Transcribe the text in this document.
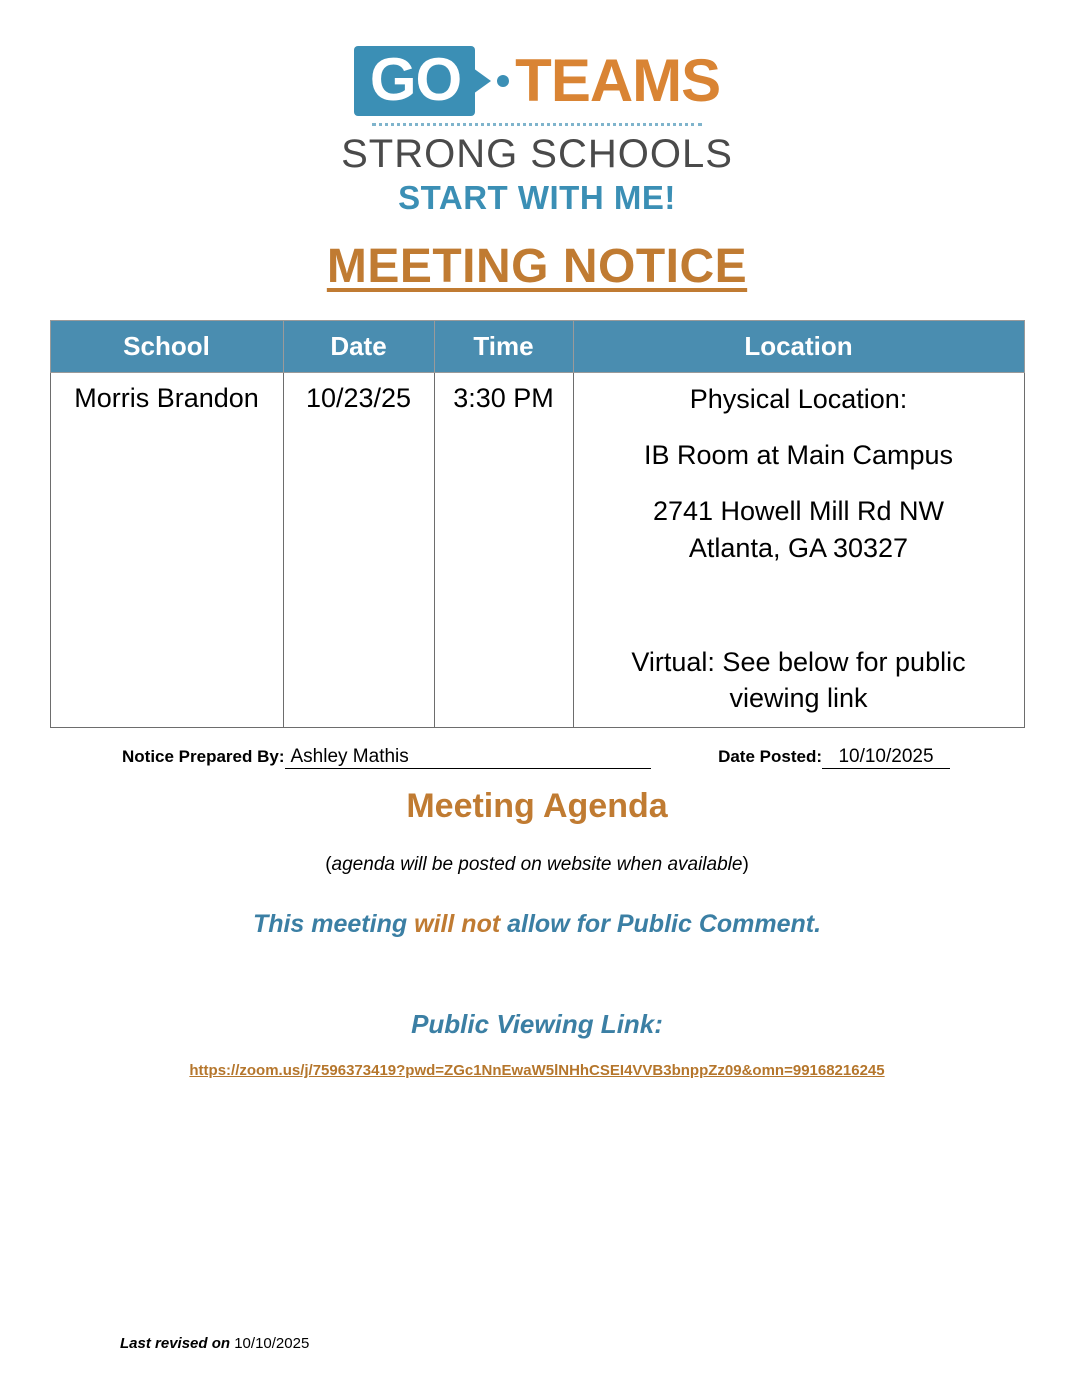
GO TEAMS
STRONG SCHOOLS
START WITH ME!
MEETING NOTICE
School	Date	Time	Location
Morris Brandon	10/23/25	3:30 PM	Physical Location:

IB Room at Main Campus

2741 Howell Mill Rd NW

Atlanta, GA 30327

Virtual: See below for public viewing link

Notice Prepared By: Ashley Mathis	Date Posted: 10/10/2025
Meeting Agenda
(agenda will be posted on website when available)
This meeting will not allow for Public Comment.
Public Viewing Link:
https://zoom.us/j/7596373419?pwd=ZGc1NnEwaW5lNHhCSEI4VVB3bnppZz09&omn=99168216245
Last revised on 10/10/2025
